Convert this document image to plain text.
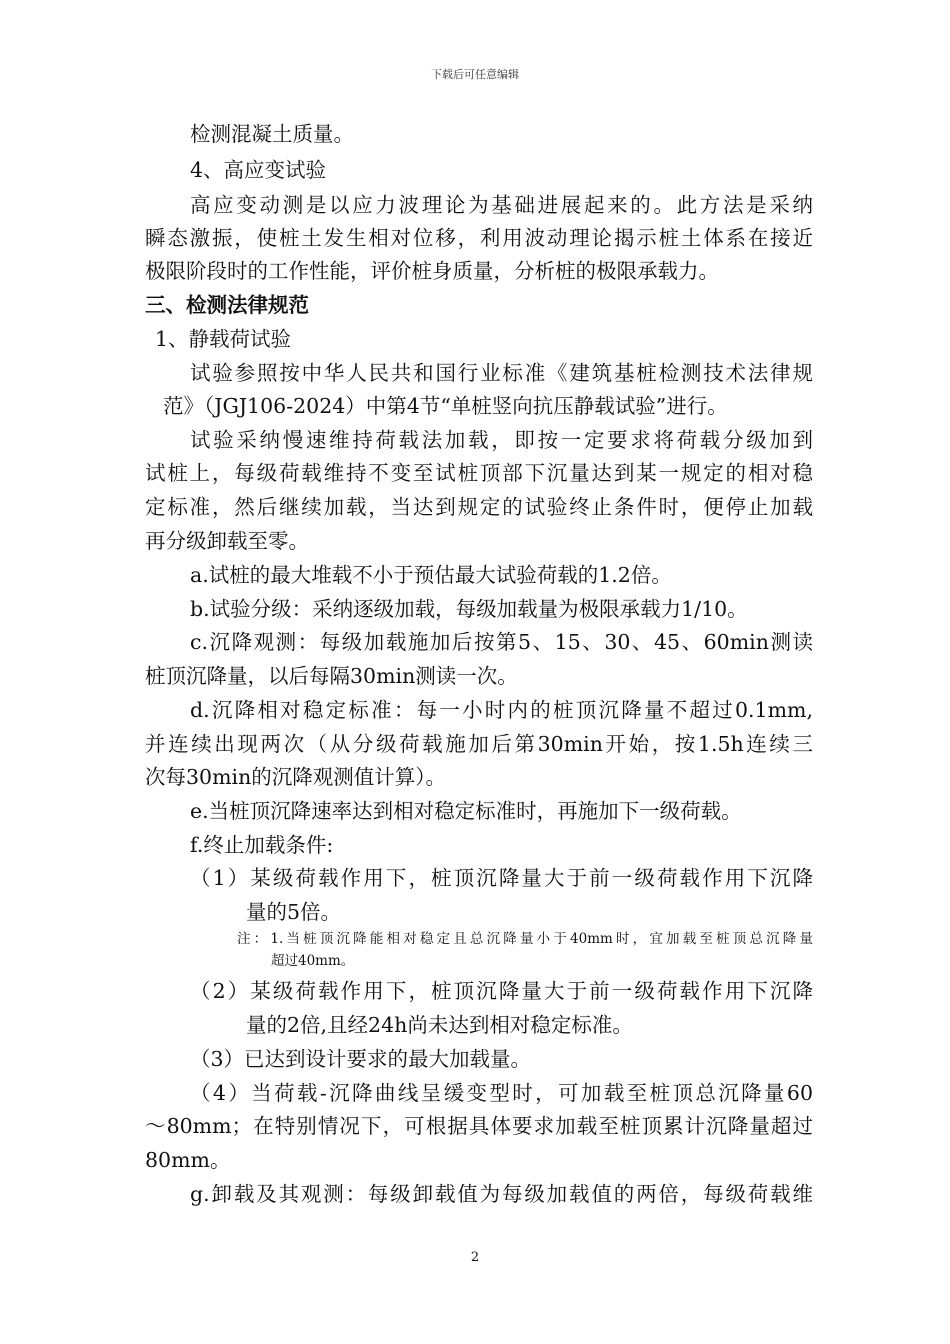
下载后可任意编辑
检测混凝土质量。
4、高应变试验
高应变动测是以应力波理论为基础进展起来的。此方法是采纳
瞬态激振，使桩土发生相对位移，利用波动理论揭示桩土体系在接近
极限阶段时的工作性能，评价桩身质量，分析桩的极限承载力。
三、检测法律规范
1、静载荷试验
试验参照按中华人民共和国行业标准《建筑基桩检测技术法律规
范》（JGJ106-2024）中第4节“单桩竖向抗压静载试验”进行。
试验采纳慢速维持荷载法加载，即按一定要求将荷载分级加到
试桩上，每级荷载维持不变至试桩顶部下沉量达到某一规定的相对稳
定标准，然后继续加载，当达到规定的试验终止条件时，便停止加载
再分级卸载至零。
a.试桩的最大堆载不小于预估最大试验荷载的1.2倍。
b.试验分级：采纳逐级加载，每级加载量为极限承载力1/10。
c.沉降观测：每级加载施加后按第5、15、30、45、60min测读
桩顶沉降量，以后每隔30min测读一次。
d.沉降相对稳定标准：每一小时内的桩顶沉降量不超过0.1mm,
并连续出现两次（从分级荷载施加后第30min开始，按1.5h连续三
次每30min的沉降观测值计算）。
e.当桩顶沉降速率达到相对稳定标准时，再施加下一级荷载。
f.终止加载条件:
（1）某级荷载作用下，桩顶沉降量大于前一级荷载作用下沉降
量的5倍。
注：1.当桩顶沉降能相对稳定且总沉降量小于40mm时，宜加载至桩顶总沉降量
超过40mm。
（2）某级荷载作用下，桩顶沉降量大于前一级荷载作用下沉降
量的2倍,且经24h尚未达到相对稳定标准。
（3）已达到设计要求的最大加载量。
（4）当荷载-沉降曲线呈缓变型时，可加载至桩顶总沉降量60
～80mm；在特别情况下，可根据具体要求加载至桩顶累计沉降量超过
80mm。
g.卸载及其观测：每级卸载值为每级加载值的两倍，每级荷载维
2
